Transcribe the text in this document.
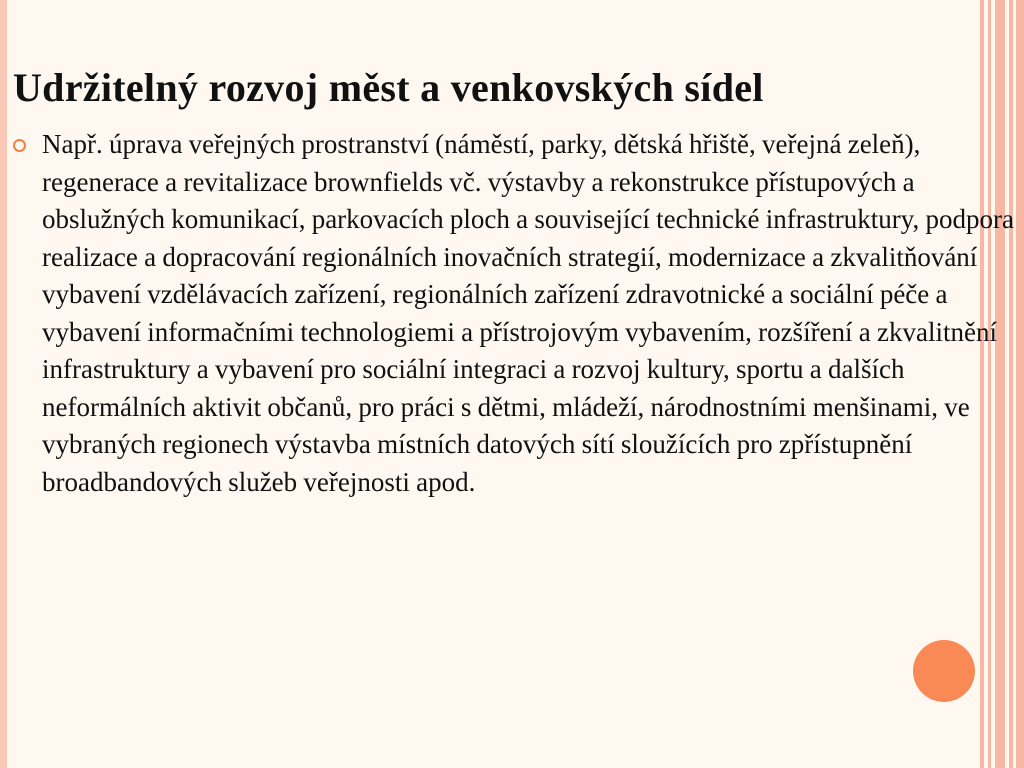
Udržitelný rozvoj měst a venkovských sídel

Např. úprava veřejných prostranství (náměstí, parky, dětská hřiště, veřejná zeleň), regenerace a revitalizace brownfields vč. výstavby a rekonstrukce přístupových a obslužných komunikací, parkovacích ploch a související technické infrastruktury, podpora realizace a dopracování regionálních inovačních strategií, modernizace a zkvalitňování vybavení vzdělávacích zařízení, regionálních zařízení zdravotnické a sociální péče a vybavení informačními technologiemi a přístrojovým vybavením, rozšíření a zkvalitnění infrastruktury a vybavení pro sociální integraci a rozvoj kultury, sportu a dalších neformálních aktivit občanů, pro práci s dětmi, mládeží, národnostními menšinami, ve vybraných regionech výstavba místních datových sítí sloužících pro zpřístupnění broadbandových služeb veřejnosti apod.
